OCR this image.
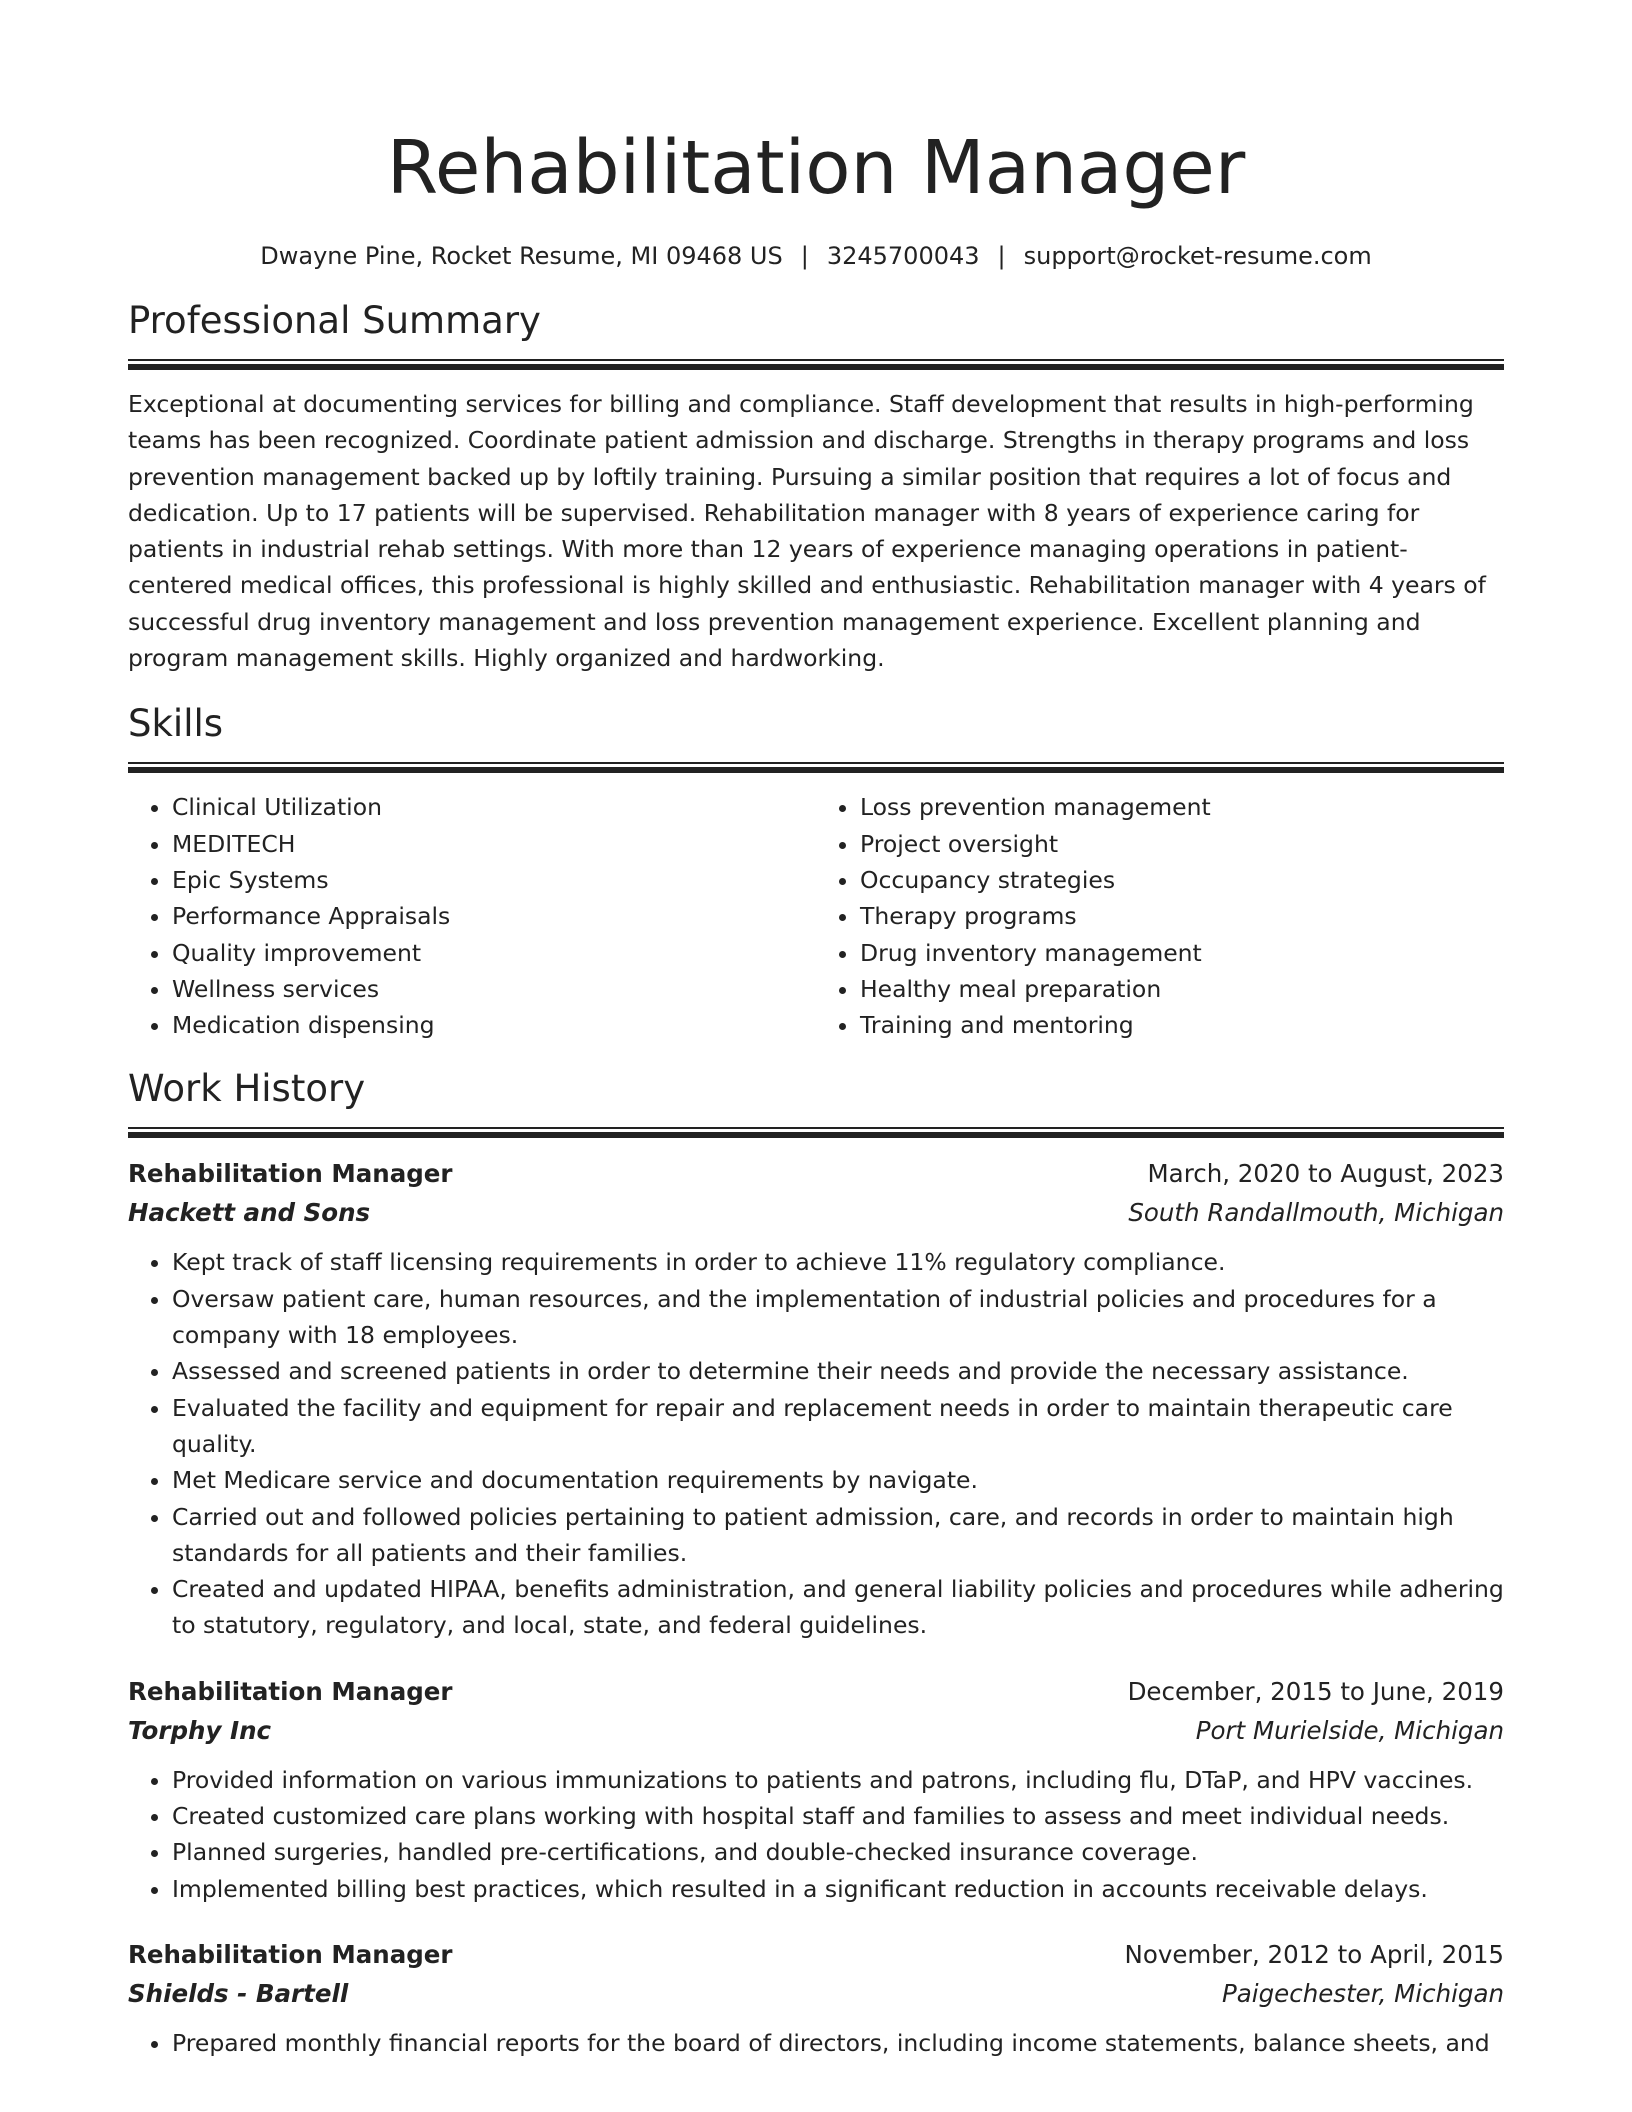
Rehabilitation Manager
Dwayne Pine, Rocket Resume, MI 09468 US | 3245700043 | support@rocket-resume.com
Professional Summary
Exceptional at documenting services for billing and compliance. Staff development that results in high-performing teams has been recognized. Coordinate patient admission and discharge. Strengths in therapy programs and loss prevention management backed up by loftily training. Pursuing a similar position that requires a lot of focus and dedication. Up to 17 patients will be supervised. Rehabilitation manager with 8 years of experience caring for patients in industrial rehab settings. With more than 12 years of experience managing operations in patient-centered medical offices, this professional is highly skilled and enthusiastic. Rehabilitation manager with 4 years of successful drug inventory management and loss prevention management experience. Excellent planning and program management skills. Highly organized and hardworking.
Skills
• Clinical Utilization
• MEDITECH
• Epic Systems
• Performance Appraisals
• Quality improvement
• Wellness services
• Medication dispensing
• Loss prevention management
• Project oversight
• Occupancy strategies
• Therapy programs
• Drug inventory management
• Healthy meal preparation
• Training and mentoring
Work History
Rehabilitation Manager	March, 2020 to August, 2023
Hackett and Sons	South Randallmouth, Michigan
• Kept track of staff licensing requirements in order to achieve 11% regulatory compliance.
• Oversaw patient care, human resources, and the implementation of industrial policies and procedures for a company with 18 employees.
• Assessed and screened patients in order to determine their needs and provide the necessary assistance.
• Evaluated the facility and equipment for repair and replacement needs in order to maintain therapeutic care quality.
• Met Medicare service and documentation requirements by navigate.
• Carried out and followed policies pertaining to patient admission, care, and records in order to maintain high standards for all patients and their families.
• Created and updated HIPAA, benefits administration, and general liability policies and procedures while adhering to statutory, regulatory, and local, state, and federal guidelines.
Rehabilitation Manager	December, 2015 to June, 2019
Torphy Inc	Port Murielside, Michigan
• Provided information on various immunizations to patients and patrons, including flu, DTaP, and HPV vaccines.
• Created customized care plans working with hospital staff and families to assess and meet individual needs.
• Planned surgeries, handled pre-certifications, and double-checked insurance coverage.
• Implemented billing best practices, which resulted in a significant reduction in accounts receivable delays.
Rehabilitation Manager	November, 2012 to April, 2015
Shields - Bartell	Paigechester, Michigan
• Prepared monthly financial reports for the board of directors, including income statements, balance sheets, and
